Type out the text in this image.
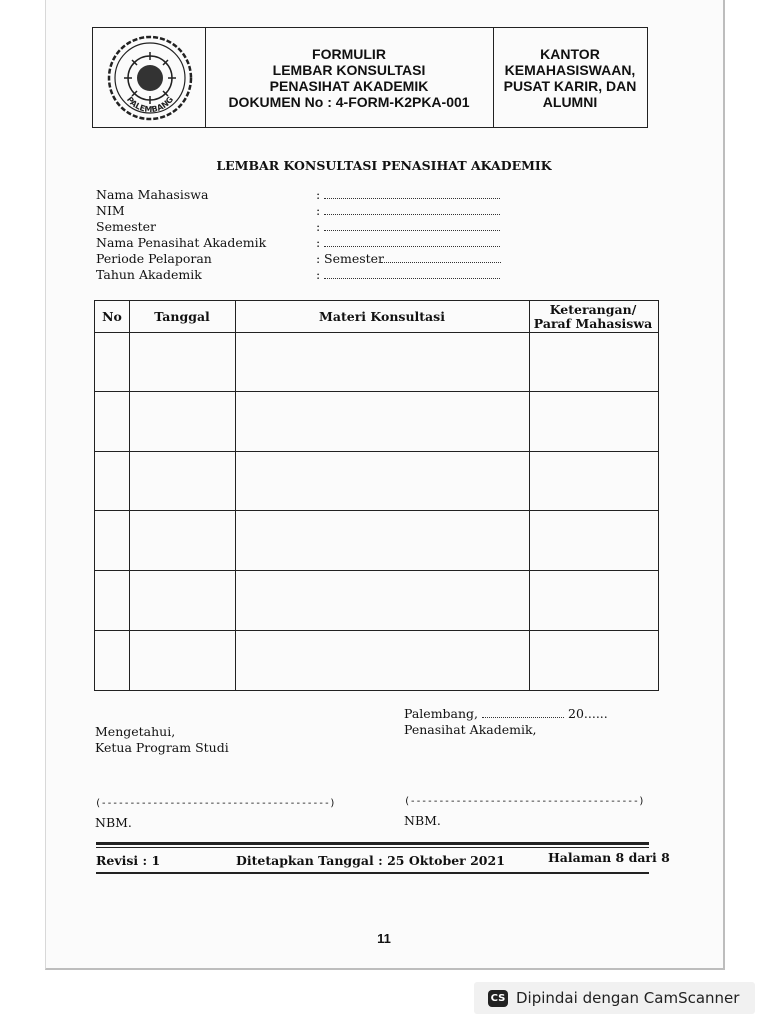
PALEMBANG
FORMULIR
LEMBAR KONSULTASI
PENASIHAT AKADEMIK
DOKUMEN No : 4-FORM-K2PKA-001
KANTOR
KEMAHASISWAAN,
PUSAT KARIR, DAN
ALUMNI
LEMBAR KONSULTASI PENASIHAT AKADEMIK
Nama Mahasiswa	:
NIM	:
Semester	:
Nama Penasihat Akademik	:
Periode Pelaporan	: Semester
Tahun Akademik	:
No	Tanggal	Materi Konsultasi	Keterangan/
Paraf Mahasiswa
Palembang,	20......
Penasihat Akademik,
Mengetahui,
Ketua Program Studi
(----------------------------------------)	(----------------------------------------)
NBM.	NBM.
Revisi : 1	Ditetapkan Tanggal : 25 Oktober 2021	Halaman 8 dari 8
11
CS Dipindai dengan CamScanner
